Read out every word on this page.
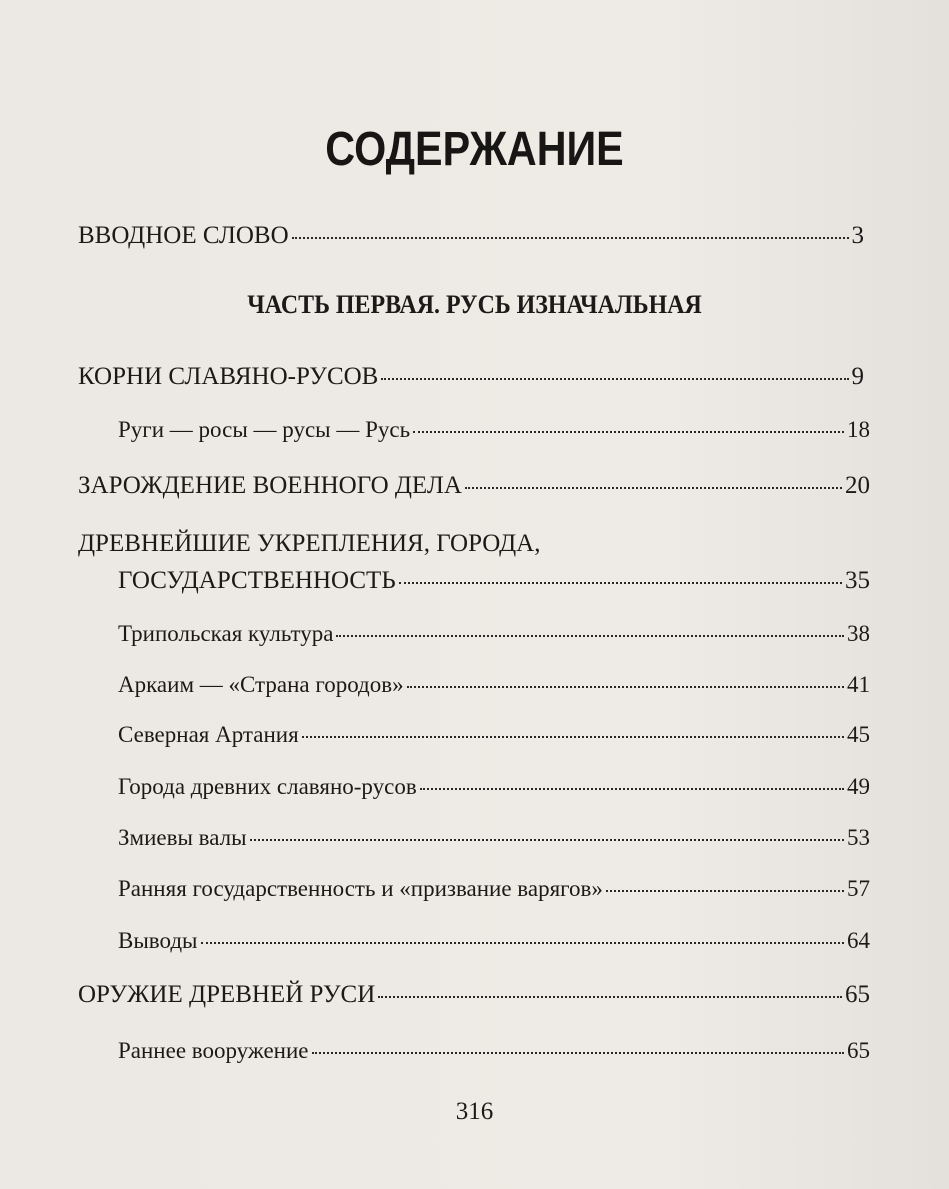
СОДЕРЖАНИЕ
ВВОДНОЕ СЛОВО	3
ЧАСТЬ ПЕРВАЯ. РУСЬ ИЗНАЧАЛЬНАЯ
КОРНИ СЛАВЯНО-РУСОВ	9
Руги — росы — русы — Русь	18
ЗАРОЖДЕНИЕ ВОЕННОГО ДЕЛА	20
ДРЕВНЕЙШИЕ УКРЕПЛЕНИЯ, ГОРОДА,
ГОСУДАРСТВЕННОСТЬ	35
Трипольская культура	38
Аркаим — «Страна городов»	41
Северная Артания	45
Города древних славяно-русов	49
Змиевы валы	53
Ранняя государственность и «призвание варягов»	57
Выводы	64
ОРУЖИЕ ДРЕВНЕЙ РУСИ	65
Раннее вооружение	65
316
